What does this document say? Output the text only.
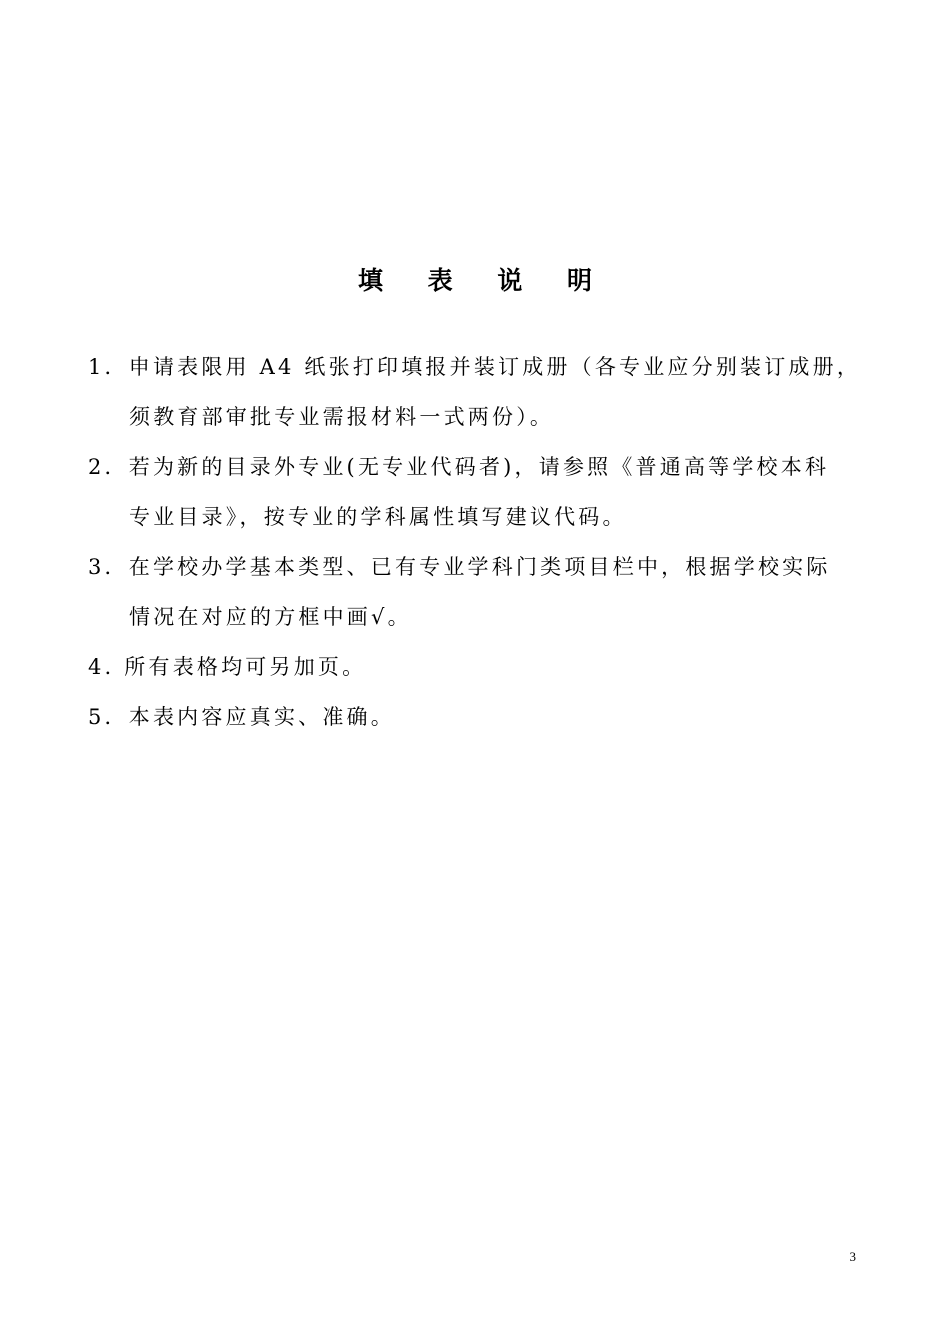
填 表 说 明
1．申请表限用 A4 纸张打印填报并装订成册（各专业应分别装订成册，
须教育部审批专业需报材料一式两份）。
2．若为新的目录外专业(无专业代码者)，请参照《普通高等学校本科
专业目录》，按专业的学科属性填写建议代码。
3．在学校办学基本类型、已有专业学科门类项目栏中，根据学校实际
情况在对应的方框中画√。
4. 所有表格均可另加页。
5．本表内容应真实、准确。
3
